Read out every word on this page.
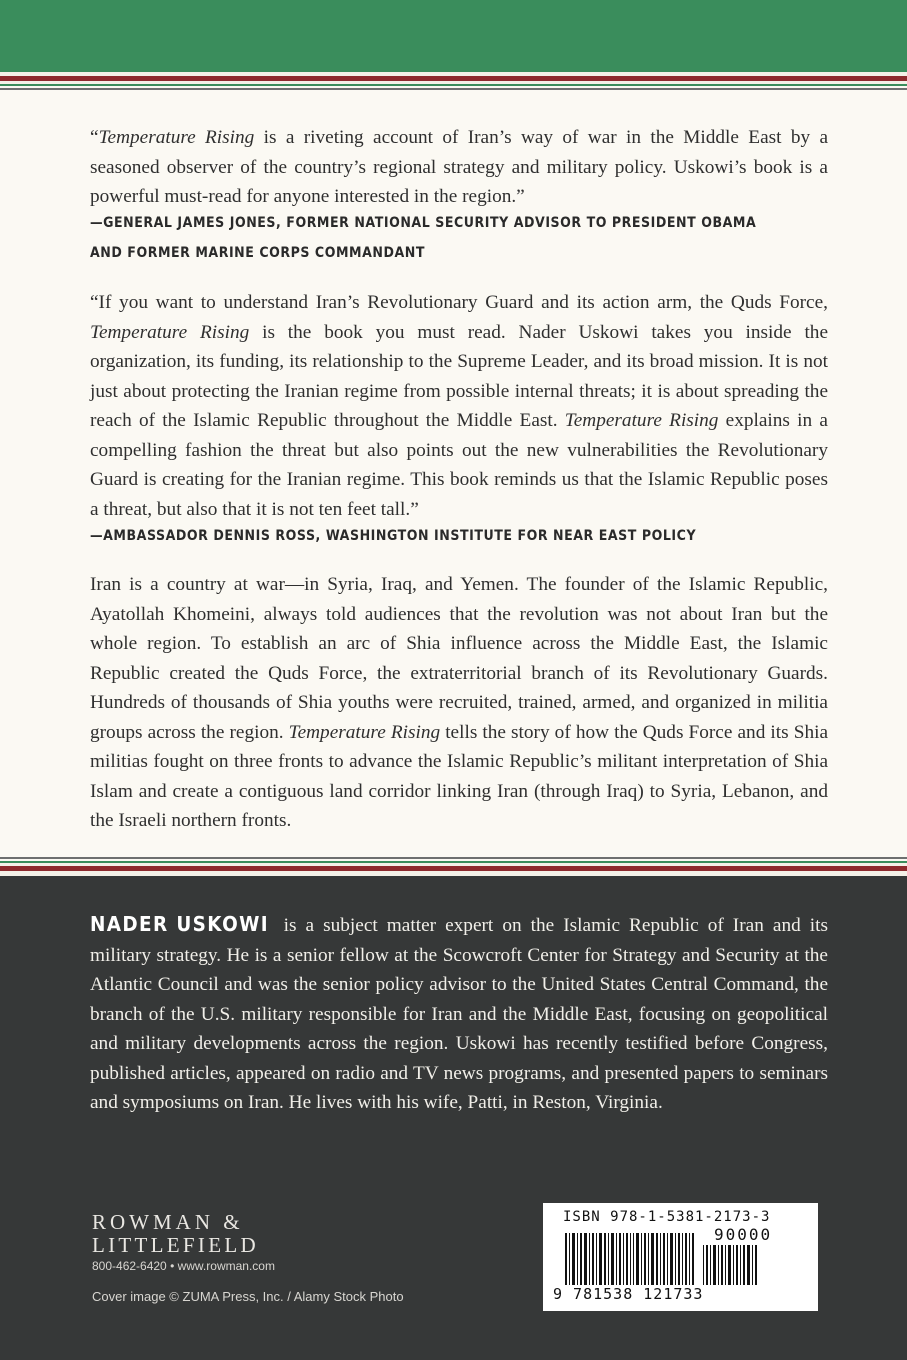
“Temperature Rising is a riveting account of Iran’s way of war in the Middle East by a seasoned observer of the country’s regional strategy and military policy. Uskowi’s book is a powerful must-read for anyone interested in the region.”

—GENERAL JAMES JONES, FORMER NATIONAL SECURITY ADVISOR TO PRESIDENT OBAMA
AND FORMER MARINE CORPS COMMANDANT

“If you want to understand Iran’s Revolutionary Guard and its action arm, the Quds Force, Temperature Rising is the book you must read. Nader Uskowi takes you inside the organization, its funding, its relationship to the Supreme Leader, and its broad mission. It is not just about protecting the Iranian regime from possible internal threats; it is about spreading the reach of the Islamic Republic throughout the Middle East. Temperature Rising explains in a compelling fashion the threat but also points out the new vulnerabilities the Revolutionary Guard is creating for the Iranian regime. This book reminds us that the Islamic Republic poses a threat, but also that it is not ten feet tall.”

—AMBASSADOR DENNIS ROSS, WASHINGTON INSTITUTE FOR NEAR EAST POLICY

Iran is a country at war—in Syria, Iraq, and Yemen. The founder of the Islamic Republic, Ayatollah Khomeini, always told audiences that the revolution was not about Iran but the whole region. To establish an arc of Shia influence across the Middle East, the Islamic Republic created the Quds Force, the extraterritorial branch of its Revolutionary Guards. Hundreds of thousands of Shia youths were recruited, trained, armed, and organized in militia groups across the region. Temperature Rising tells the story of how the Quds Force and its Shia militias fought on three fronts to advance the Islamic Republic’s militant interpretation of Shia Islam and create a contiguous land corridor linking Iran (through Iraq) to Syria, Lebanon, and the Israeli northern fronts.

NADER USKOWI is a subject matter expert on the Islamic Republic of Iran and its military strategy. He is a senior fellow at the Scowcroft Center for Strategy and Security at the Atlantic Council and was the senior policy advisor to the United States Central Command, the branch of the U.S. military responsible for Iran and the Middle East, focusing on geopolitical and military developments across the region. Uskowi has recently testified before Congress, published articles, appeared on radio and TV news programs, and presented papers to seminars and symposiums on Iran. He lives with his wife, Patti, in Reston, Virginia.

ROWMAN &
LITTLEFIELD
800-462-6420 • www.rowman.com
Cover image © ZUMA Press, Inc. / Alamy Stock Photo
ISBN 978-1-5381-2173-3
90000
9 781538 121733
